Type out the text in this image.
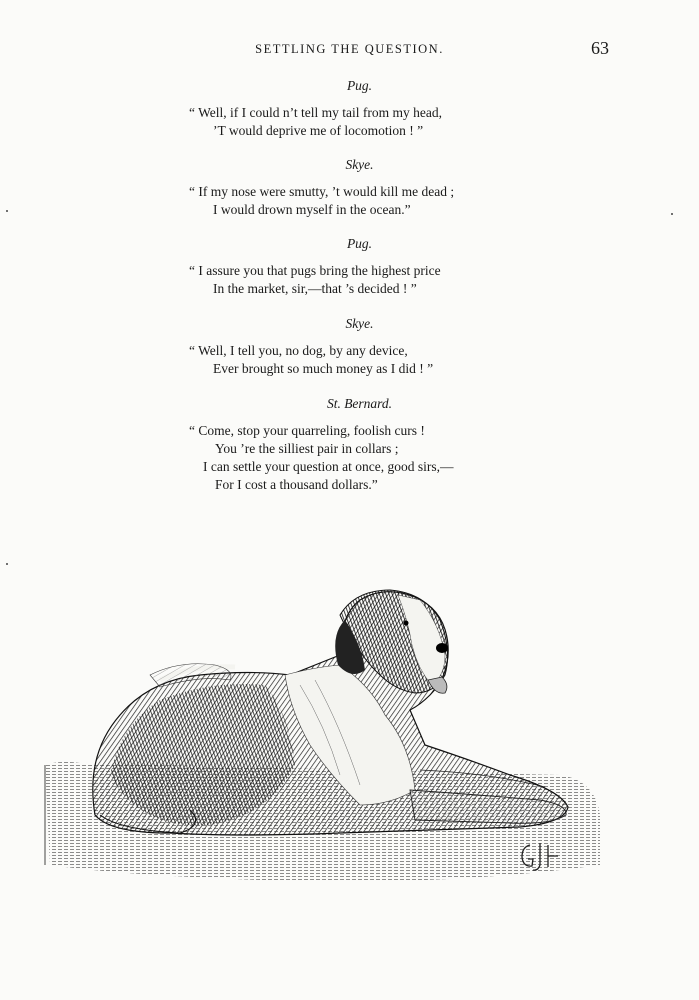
SETTLING THE QUESTION.	63
Pug.
“ Well, if I could n’t tell my tail from my head,
’T would deprive me of locomotion ! ”
Skye.
“ If my nose were smutty, ’t would kill me dead ;
I would drown myself in the ocean.”
Pug.
“ I assure you that pugs bring the highest price
In the market, sir,—that ’s decided ! ”
Skye.
“ Well, I tell you, no dog, by any device,
Ever brought so much money as I did ! ”
St. Bernard.
“ Come, stop your quarreling, foolish curs !
You ’re the silliest pair in collars ;
I can settle your question at once, good sirs,—
For I cost a thousand dollars.”
